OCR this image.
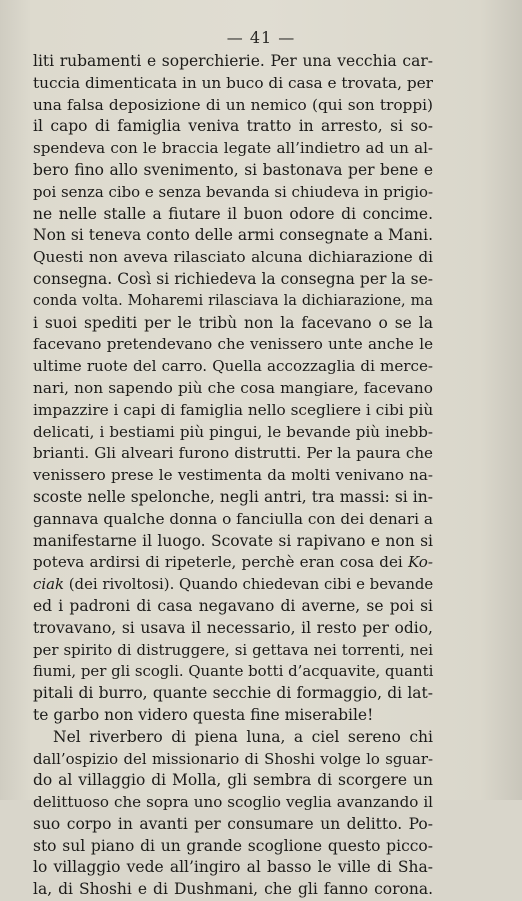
— 41 —
liti rubamenti e soperchierie. Per una vecchia car-
tuccia dimenticata in un buco di casa e trovata, per
una falsa deposizione di un nemico (qui son troppi)
il capo di famiglia veniva tratto in arresto, si so-
spendeva con le braccia legate all’indietro ad un al-
bero fino allo svenimento, si bastonava per bene e
poi senza cibo e senza bevanda si chiudeva in prigio-
ne nelle stalle a fiutare il buon odore di concime.
Non si teneva conto delle armi consegnate a Mani.
Questi non aveva rilasciato alcuna dichiarazione di
consegna. Così si richiedeva la consegna per la se-
conda volta. Moharemi rilasciava la dichiarazione, ma
i suoi spediti per le tribù non la facevano o se la
facevano pretendevano che venissero unte anche le
ultime ruote del carro. Quella accozzaglia di merce-
nari, non sapendo più che cosa mangiare, facevano
impazzire i capi di famiglia nello scegliere i cibi più
delicati, i bestiami più pingui, le bevande più inebb-
brianti. Gli alveari furono distrutti. Per la paura che
venissero prese le vestimenta da molti venivano na-
scoste nelle spelonche, negli antri, tra massi: si in-
gannava qualche donna o fanciulla con dei denari a
manifestarne il luogo. Scovate si rapivano e non si
poteva ardirsi di ripeterle, perchè eran cosa dei Ko-
ciak (dei rivoltosi). Quando chiedevan cibi e bevande
ed i padroni di casa negavano di averne, se poi si
trovavano, si usava il necessario, il resto per odio,
per spirito di distruggere, si gettava nei torrenti, nei
fiumi, per gli scogli. Quante botti d’acquavite, quanti
pitali di burro, quante secchie di formaggio, di lat-
te garbo non videro questa fine miserabile!
Nel riverbero di piena luna, a ciel sereno chi
dall’ospizio del missionario di Shoshi volge lo sguar-
do al villaggio di Molla, gli sembra di scorgere un
delittuoso che sopra uno scoglio veglia avanzando il
suo corpo in avanti per consumare un delitto. Po-
sto sul piano di un grande scoglione questo picco-
lo villaggio vede all’ingiro al basso le ville di Sha-
la, di Shoshi e di Dushmani, che gli fanno corona.
